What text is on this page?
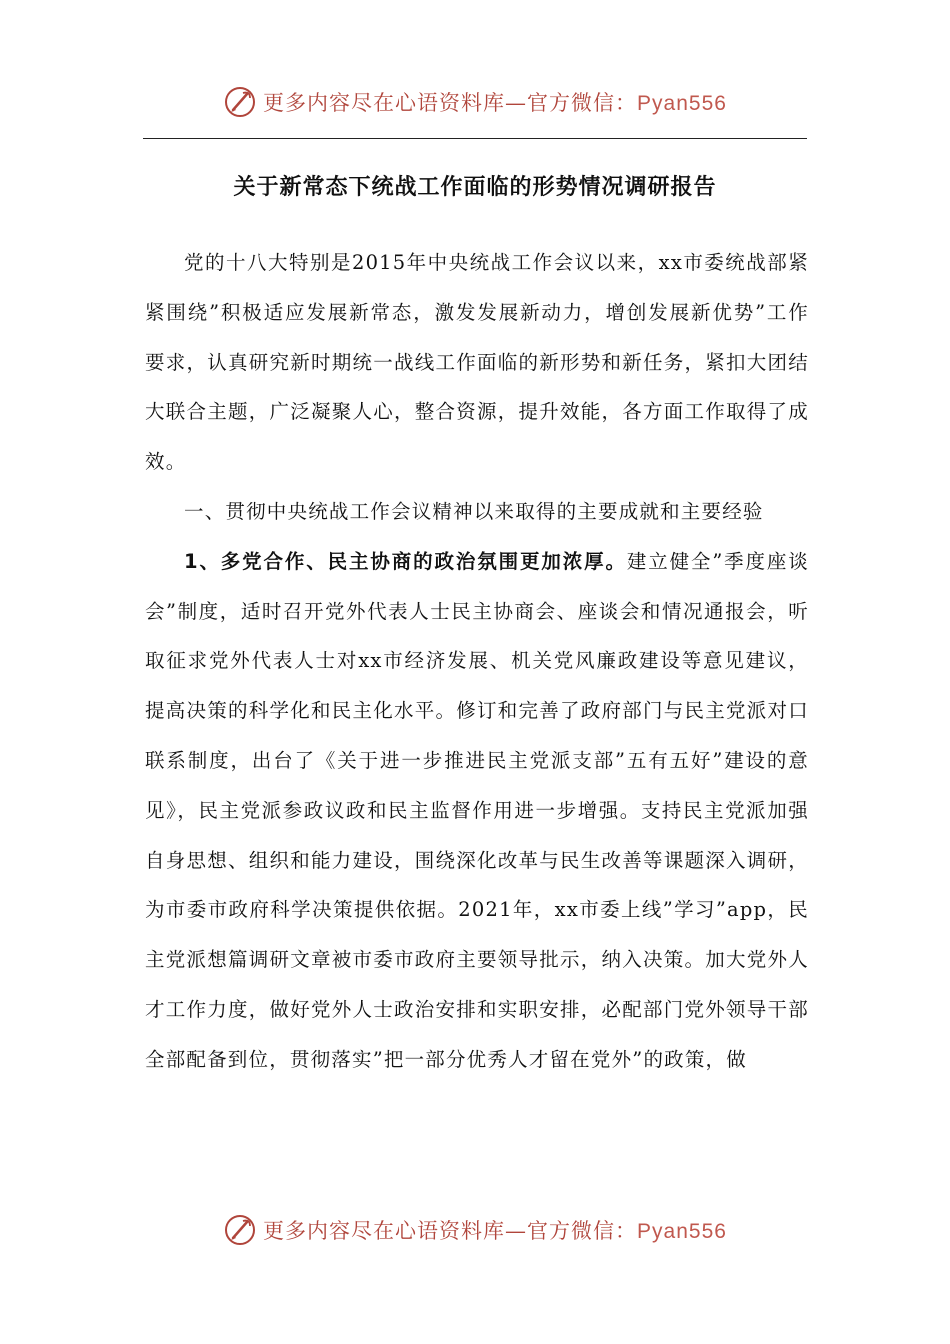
更多内容尽在心语资料库—官方微信：Pyan556
关于新常态下统战工作面临的形势情况调研报告

党的十八大特别是2015年中央统战工作会议以来，xx市委统战部紧紧围绕”积极适应发展新常态，激发发展新动力，增创发展新优势”工作要求，认真研究新时期统一战线工作面临的新形势和新任务，紧扣大团结大联合主题，广泛凝聚人心，整合资源，提升效能，各方面工作取得了成效。

一、贯彻中央统战工作会议精神以来取得的主要成就和主要经验

1、多党合作、民主协商的政治氛围更加浓厚。建立健全”季度座谈会”制度，适时召开党外代表人士民主协商会、座谈会和情况通报会，听取征求党外代表人士对xx市经济发展、机关党风廉政建设等意见建议，提高决策的科学化和民主化水平。修订和完善了政府部门与民主党派对口联系制度，出台了《关于进一步推进民主党派支部”五有五好”建设的意见》，民主党派参政议政和民主监督作用进一步增强。支持民主党派加强自身思想、组织和能力建设，围绕深化改革与民生改善等课题深入调研，为市委市政府科学决策提供依据。2021年，xx市委上线”学习”app，民主党派想篇调研文章被市委市政府主要领导批示，纳入决策。加大党外人才工作力度，做好党外人士政治安排和实职安排，必配部门党外领导干部全部配备到位，贯彻落实”把一部分优秀人才留在党外”的政策，做

更多内容尽在心语资料库—官方微信：Pyan556
